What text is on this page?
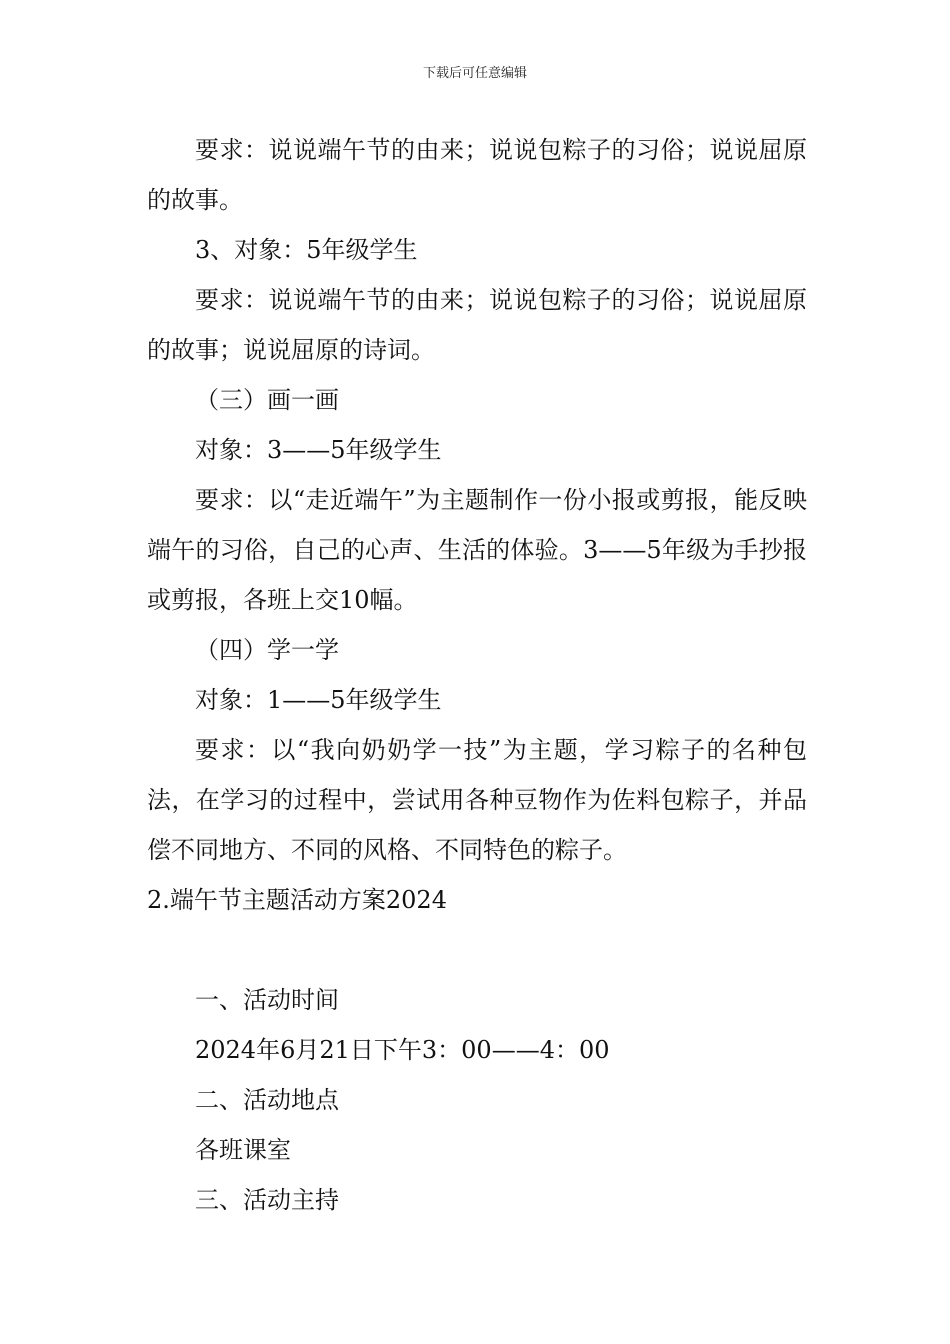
下载后可任意编辑

要求：说说端午节的由来；说说包粽子的习俗；说说屈原的故事。

3、对象：5年级学生

要求：说说端午节的由来；说说包粽子的习俗；说说屈原的故事；说说屈原的诗词。

（三）画一画

对象：3——5年级学生

要求：以“走近端午”为主题制作一份小报或剪报，能反映端午的习俗，自己的心声、生活的体验。3——5年级为手抄报或剪报，各班上交10幅。

（四）学一学

对象：1——5年级学生

要求：以“我向奶奶学一技”为主题，学习粽子的名种包法，在学习的过程中，尝试用各种豆物作为佐料包粽子，并品偿不同地方、不同的风格、不同特色的粽子。

2.端午节主题活动方案2024

一、活动时间

2024年6月21日下午3：00——4：00

二、活动地点

各班课室

三、活动主持
